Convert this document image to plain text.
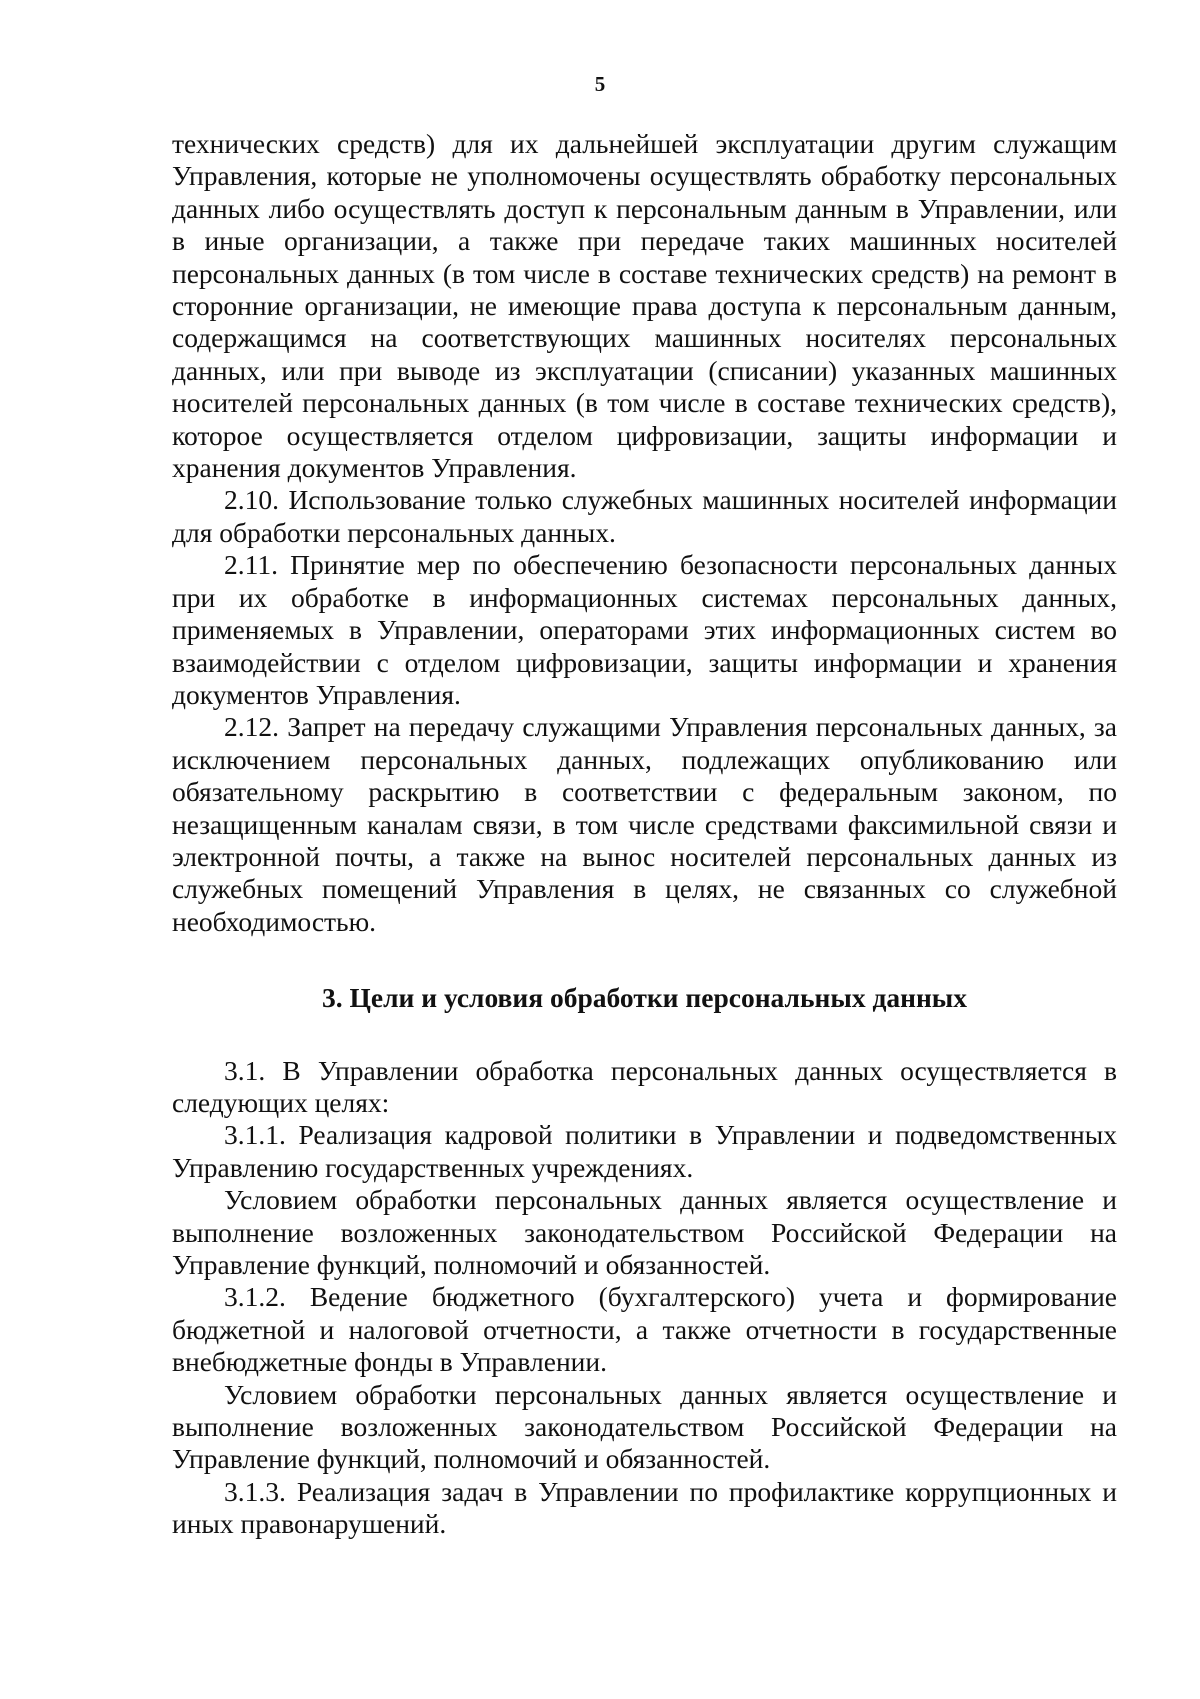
5

технических средств) для их дальнейшей эксплуатации другим служащим Управления, которые не уполномочены осуществлять обработку персональных данных либо осуществлять доступ к персональным данным в Управлении, или в иные организации, а также при передаче таких машинных носителей персональных данных (в том числе в составе технических средств) на ремонт в сторонние организации, не имеющие права доступа к персональным данным, содержащимся на соответствующих машинных носителях персональных данных, или при выводе из эксплуатации (списании) указанных машинных носителей персональных данных (в том числе в составе технических средств), которое осуществляется отделом цифровизации, защиты информации и хранения документов Управления.

2.10. Использование только служебных машинных носителей информации для обработки персональных данных.

2.11. Принятие мер по обеспечению безопасности персональных данных при их обработке в информационных системах персональных данных, применяемых в Управлении, операторами этих информационных систем во взаимодействии с отделом цифровизации, защиты информации и хранения документов Управления.

2.12. Запрет на передачу служащими Управления персональных данных, за исключением персональных данных, подлежащих опубликованию или обязательному раскрытию в соответствии с федеральным законом, по незащищенным каналам связи, в том числе средствами факсимильной связи и электронной почты, а также на вынос носителей персональных данных из служебных помещений Управления в целях, не связанных со служебной необходимостью.

3. Цели и условия обработки персональных данных

3.1. В Управлении обработка персональных данных осуществляется в следующих целях:

3.1.1. Реализация кадровой политики в Управлении и подведомственных Управлению государственных учреждениях.

Условием обработки персональных данных является осуществление и выполнение возложенных законодательством Российской Федерации на Управление функций, полномочий и обязанностей.

3.1.2. Ведение бюджетного (бухгалтерского) учета и формирование бюджетной и налоговой отчетности, а также отчетности в государственные внебюджетные фонды в Управлении.

Условием обработки персональных данных является осуществление и выполнение возложенных законодательством Российской Федерации на Управление функций, полномочий и обязанностей.

3.1.3. Реализация задач в Управлении по профилактике коррупционных и иных правонарушений.
